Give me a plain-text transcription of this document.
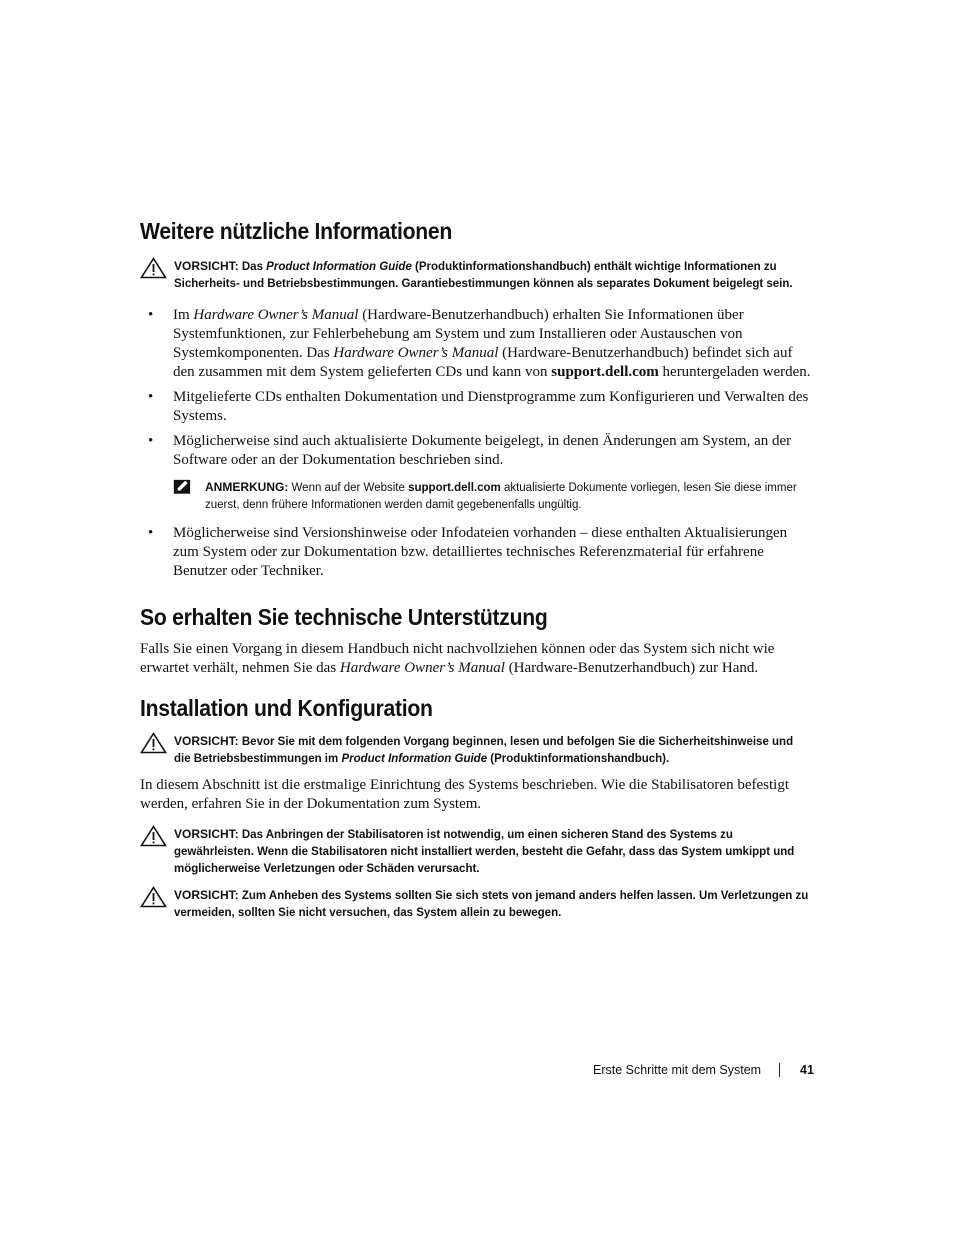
Weitere nützliche Informationen
VORSICHT: Das Product Information Guide (Produktinformationshandbuch) enthält wichtige Informationen zu Sicherheits- und Betriebsbestimmungen. Garantiebestimmungen können als separates Dokument beigelegt sein.
• Im Hardware Owner’s Manual (Hardware-Benutzerhandbuch) erhalten Sie Informationen über Systemfunktionen, zur Fehlerbehebung am System und zum Installieren oder Austauschen von Systemkomponenten. Das Hardware Owner’s Manual (Hardware-Benutzerhandbuch) befindet sich auf den zusammen mit dem System gelieferten CDs und kann von support.dell.com heruntergeladen werden.
• Mitgelieferte CDs enthalten Dokumentation und Dienstprogramme zum Konfigurieren und Verwalten des Systems.
• Möglicherweise sind auch aktualisierte Dokumente beigelegt, in denen Änderungen am System, an der Software oder an der Dokumentation beschrieben sind.
ANMERKUNG: Wenn auf der Website support.dell.com aktualisierte Dokumente vorliegen, lesen Sie diese immer zuerst, denn frühere Informationen werden damit gegebenenfalls ungültig.
• Möglicherweise sind Versionshinweise oder Infodateien vorhanden – diese enthalten Aktualisierungen zum System oder zur Dokumentation bzw. detailliertes technisches Referenzmaterial für erfahrene Benutzer oder Techniker.
So erhalten Sie technische Unterstützung
Falls Sie einen Vorgang in diesem Handbuch nicht nachvollziehen können oder das System sich nicht wie erwartet verhält, nehmen Sie das Hardware Owner’s Manual (Hardware-Benutzerhandbuch) zur Hand.
Installation und Konfiguration
VORSICHT: Bevor Sie mit dem folgenden Vorgang beginnen, lesen und befolgen Sie die Sicherheitshinweise und die Betriebsbestimmungen im Product Information Guide (Produktinformationshandbuch).
In diesem Abschnitt ist die erstmalige Einrichtung des Systems beschrieben. Wie die Stabilisatoren befestigt werden, erfahren Sie in der Dokumentation zum System.
VORSICHT: Das Anbringen der Stabilisatoren ist notwendig, um einen sicheren Stand des Systems zu gewährleisten. Wenn die Stabilisatoren nicht installiert werden, besteht die Gefahr, dass das System umkippt und möglicherweise Verletzungen oder Schäden verursacht.
VORSICHT: Zum Anheben des Systems sollten Sie sich stets von jemand anders helfen lassen. Um Verletzungen zu vermeiden, sollten Sie nicht versuchen, das System allein zu bewegen.
Erste Schritte mit dem System	41
